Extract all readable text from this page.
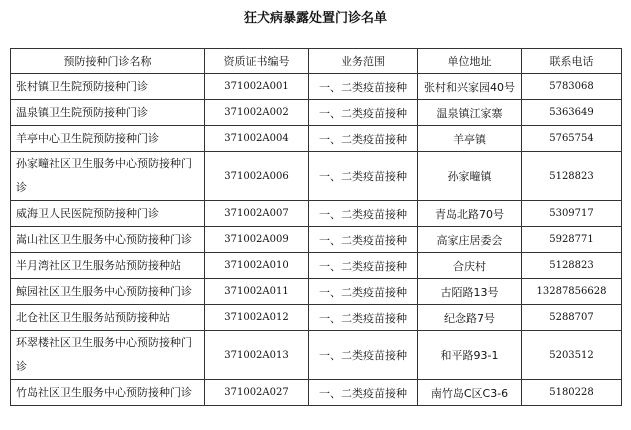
狂犬病暴露处置门诊名单
预防接种门诊名称	资质证书编号	业务范围	单位地址	联系电话
张村镇卫生院预防接种门诊	371002A001	一、二类疫苗接种	张村和兴家园40号	5783068
温泉镇卫生院预防接种门诊	371002A002	一、二类疫苗接种	温泉镇江家寨	5363649
羊亭中心卫生院预防接种门诊	371002A004	一、二类疫苗接种	羊亭镇	5765754
孙家疃社区卫生服务中心预防接种门诊	371002A006	一、二类疫苗接种	孙家疃镇	5128823
威海卫人民医院预防接种门诊	371002A007	一、二类疫苗接种	青岛北路70号	5309717
嵩山社区卫生服务中心预防接种门诊	371002A009	一、二类疫苗接种	高家庄居委会	5928771
半月湾社区卫生服务站预防接种站	371002A010	一、二类疫苗接种	合庆村	5128823
鲸园社区卫生服务中心预防接种门诊	371002A011	一、二类疫苗接种	古陌路13号	13287856628
北仓社区卫生服务站预防接种站	371002A012	一、二类疫苗接种	纪念路7号	5288707
环翠楼社区卫生服务中心预防接种门诊	371002A013	一、二类疫苗接种	和平路93-1	5203512
竹岛社区卫生服务中心预防接种门诊	371002A027	一、二类疫苗接种	南竹岛C区C3-6	5180228
